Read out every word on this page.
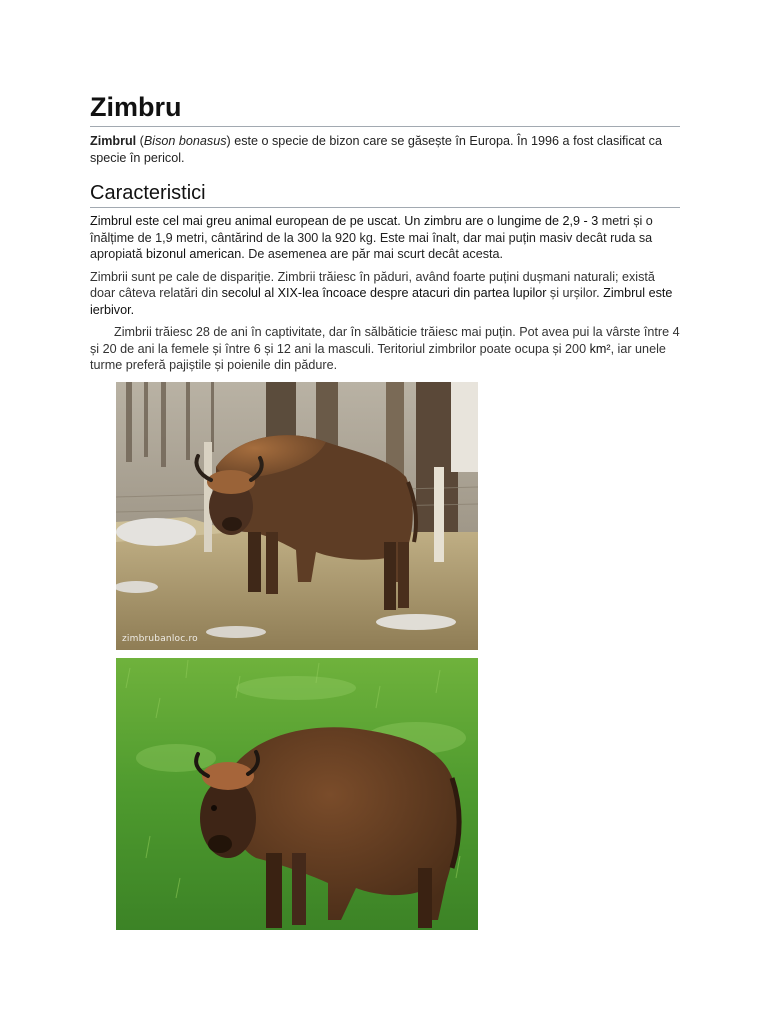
Zimbru

Zimbrul (Bison bonasus) este o specie de bizon care se găsește în Europa. În 1996 a fost clasificat ca specie în pericol.

Caracteristici

Zimbrul este cel mai greu animal european de pe uscat. Un zimbru are o lungime de 2,9 - 3 metri și o înălțime de 1,9 metri, cântărind de la 300 la 920 kg. Este mai înalt, dar mai puțin masiv decât ruda sa apropiată bizonul american. De asemenea are păr mai scurt decât acesta.

Zimbrii sunt pe cale de dispariție. Zimbrii trăiesc în păduri, având foarte puțini dușmani naturali; există doar câteva relatări din secolul al XIX-lea încoace despre atacuri din partea lupilor și urșilor. Zimbrul este ierbivor.

Zimbrii trăiesc 28 de ani în captivitate, dar în sălbăticie trăiesc mai puțin. Pot avea pui la vârste între 4 și 20 de ani la femele și între 6 și 12 ani la masculi. Teritoriul zimbrilor poate ocupa și 200 km², iar unele turme preferă pajiștile și poienile din pădure.

zimbrubanloc.ro
